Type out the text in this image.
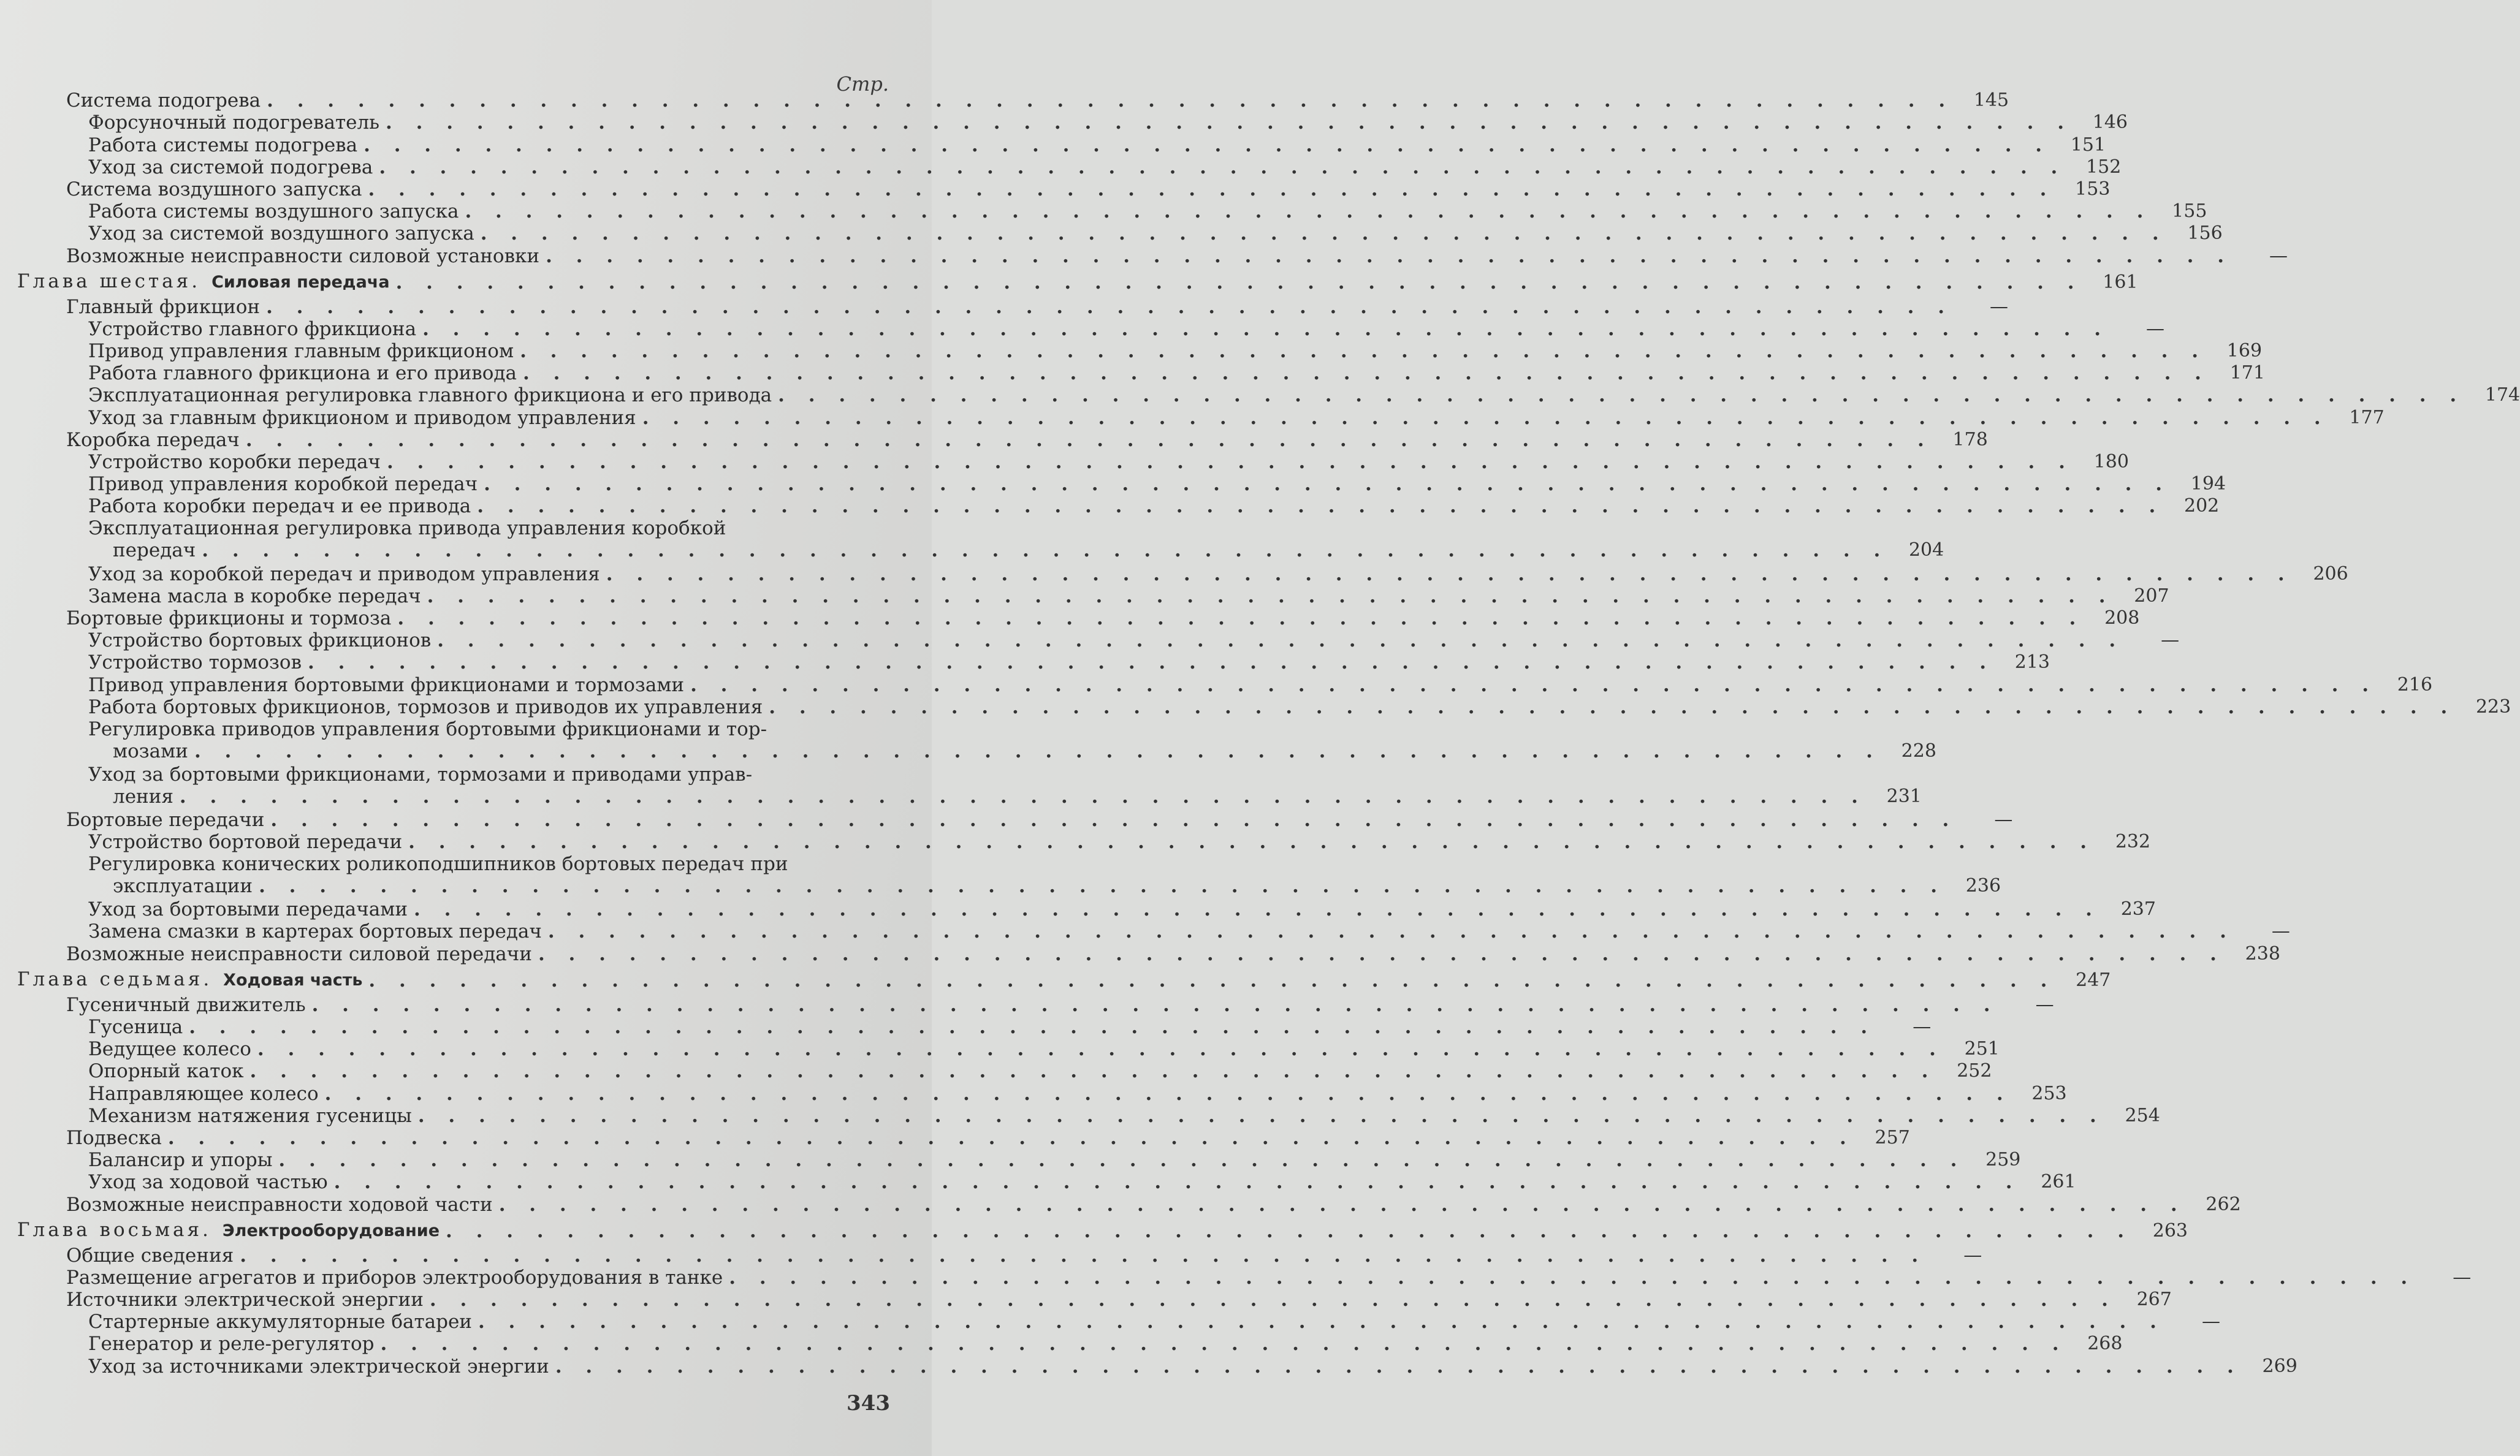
Стр.
Система подогрева . . . . . . . . . . . . . . . . . . . . . . . . . . . . . . . . . . . . . . . . . . . . . . . . . . . . . . . .	145
Форсуночный подогреватель . . . . . . . . . . . . . . . . . . . . . . . . . . . . . . . . . . . . . . . . . . . . . . . . . . . . . . . .	146
Работа системы подогрева . . . . . . . . . . . . . . . . . . . . . . . . . . . . . . . . . . . . . . . . . . . . . . . . . . . . . . . .	151
Уход за системой подогрева . . . . . . . . . . . . . . . . . . . . . . . . . . . . . . . . . . . . . . . . . . . . . . . . . . . . . . . .	152
Система воздушного запуска . . . . . . . . . . . . . . . . . . . . . . . . . . . . . . . . . . . . . . . . . . . . . . . . . . . . . . . .	153
Работа системы воздушного запуска . . . . . . . . . . . . . . . . . . . . . . . . . . . . . . . . . . . . . . . . . . . . . . . . . . . . . . . .	155
Уход за системой воздушного запуска . . . . . . . . . . . . . . . . . . . . . . . . . . . . . . . . . . . . . . . . . . . . . . . . . . . . . . . .	156
Возможные неисправности силовой установки . . . . . . . . . . . . . . . . . . . . . . . . . . . . . . . . . . . . . . . . . . . . . . . . . . . . . . . .	—
Глава шестая. Силовая передача . . . . . . . . . . . . . . . . . . . . . . . . . . . . . . . . . . . . . . . . . . . . . . . . . . . . . . . .	161
Главный фрикцион . . . . . . . . . . . . . . . . . . . . . . . . . . . . . . . . . . . . . . . . . . . . . . . . . . . . . . . .	—
Устройство главного фрикциона . . . . . . . . . . . . . . . . . . . . . . . . . . . . . . . . . . . . . . . . . . . . . . . . . . . . . . . .	—
Привод управления главным фрикционом . . . . . . . . . . . . . . . . . . . . . . . . . . . . . . . . . . . . . . . . . . . . . . . . . . . . . . . .	169
Работа главного фрикциона и его привода . . . . . . . . . . . . . . . . . . . . . . . . . . . . . . . . . . . . . . . . . . . . . . . . . . . . . . . .	171
Эксплуатационная регулировка главного фрикциона и его привода . . . . . . . . . . . . . . . . . . . . . . . . . . . . . . . . . . . . . . . . . . . . . . . . . . . . . . . .	174
Уход за главным фрикционом и приводом управления . . . . . . . . . . . . . . . . . . . . . . . . . . . . . . . . . . . . . . . . . . . . . . . . . . . . . . . .	177
Коробка передач . . . . . . . . . . . . . . . . . . . . . . . . . . . . . . . . . . . . . . . . . . . . . . . . . . . . . . . .	178
Устройство коробки передач . . . . . . . . . . . . . . . . . . . . . . . . . . . . . . . . . . . . . . . . . . . . . . . . . . . . . . . .	180
Привод управления коробкой передач . . . . . . . . . . . . . . . . . . . . . . . . . . . . . . . . . . . . . . . . . . . . . . . . . . . . . . . .	194
Работа коробки передач и ее привода . . . . . . . . . . . . . . . . . . . . . . . . . . . . . . . . . . . . . . . . . . . . . . . . . . . . . . . .	202
Эксплуатационная регулировка привода управления коробкой
передач . . . . . . . . . . . . . . . . . . . . . . . . . . . . . . . . . . . . . . . . . . . . . . . . . . . . . . . .	204
Уход за коробкой передач и приводом управления . . . . . . . . . . . . . . . . . . . . . . . . . . . . . . . . . . . . . . . . . . . . . . . . . . . . . . . .	206
Замена масла в коробке передач . . . . . . . . . . . . . . . . . . . . . . . . . . . . . . . . . . . . . . . . . . . . . . . . . . . . . . . .	207
Бортовые фрикционы и тормоза . . . . . . . . . . . . . . . . . . . . . . . . . . . . . . . . . . . . . . . . . . . . . . . . . . . . . . . .	208
Устройство бортовых фрикционов . . . . . . . . . . . . . . . . . . . . . . . . . . . . . . . . . . . . . . . . . . . . . . . . . . . . . . . .	—
Устройство тормозов . . . . . . . . . . . . . . . . . . . . . . . . . . . . . . . . . . . . . . . . . . . . . . . . . . . . . . . .	213
Привод управления бортовыми фрикционами и тормозами . . . . . . . . . . . . . . . . . . . . . . . . . . . . . . . . . . . . . . . . . . . . . . . . . . . . . . . .	216
Работа бортовых фрикционов, тормозов и приводов их управления . . . . . . . . . . . . . . . . . . . . . . . . . . . . . . . . . . . . . . . . . . . . . . . . . . . . . . . .	223
Регулировка приводов управления бортовыми фрикционами и тор-
мозами . . . . . . . . . . . . . . . . . . . . . . . . . . . . . . . . . . . . . . . . . . . . . . . . . . . . . . . .	228
Уход за бортовыми фрикционами, тормозами и приводами управ-
ления . . . . . . . . . . . . . . . . . . . . . . . . . . . . . . . . . . . . . . . . . . . . . . . . . . . . . . . .	231
Бортовые передачи . . . . . . . . . . . . . . . . . . . . . . . . . . . . . . . . . . . . . . . . . . . . . . . . . . . . . . . .	—
Устройство бортовой передачи . . . . . . . . . . . . . . . . . . . . . . . . . . . . . . . . . . . . . . . . . . . . . . . . . . . . . . . .	232
Регулировка конических роликоподшипников бортовых передач при
эксплуатации . . . . . . . . . . . . . . . . . . . . . . . . . . . . . . . . . . . . . . . . . . . . . . . . . . . . . . . .	236
Уход за бортовыми передачами . . . . . . . . . . . . . . . . . . . . . . . . . . . . . . . . . . . . . . . . . . . . . . . . . . . . . . . .	237
Замена смазки в картерах бортовых передач . . . . . . . . . . . . . . . . . . . . . . . . . . . . . . . . . . . . . . . . . . . . . . . . . . . . . . . .	—
Возможные неисправности силовой передачи . . . . . . . . . . . . . . . . . . . . . . . . . . . . . . . . . . . . . . . . . . . . . . . . . . . . . . . .	238
Глава седьмая. Ходовая часть . . . . . . . . . . . . . . . . . . . . . . . . . . . . . . . . . . . . . . . . . . . . . . . . . . . . . . . .	247
Гусеничный движитель . . . . . . . . . . . . . . . . . . . . . . . . . . . . . . . . . . . . . . . . . . . . . . . . . . . . . . . .	—
Гусеница . . . . . . . . . . . . . . . . . . . . . . . . . . . . . . . . . . . . . . . . . . . . . . . . . . . . . . . .	—
Ведущее колесо . . . . . . . . . . . . . . . . . . . . . . . . . . . . . . . . . . . . . . . . . . . . . . . . . . . . . . . .	251
Опорный каток . . . . . . . . . . . . . . . . . . . . . . . . . . . . . . . . . . . . . . . . . . . . . . . . . . . . . . . .	252
Направляющее колесо . . . . . . . . . . . . . . . . . . . . . . . . . . . . . . . . . . . . . . . . . . . . . . . . . . . . . . . .	253
Механизм натяжения гусеницы . . . . . . . . . . . . . . . . . . . . . . . . . . . . . . . . . . . . . . . . . . . . . . . . . . . . . . . .	254
Подвеска . . . . . . . . . . . . . . . . . . . . . . . . . . . . . . . . . . . . . . . . . . . . . . . . . . . . . . . .	257
Балансир и упоры . . . . . . . . . . . . . . . . . . . . . . . . . . . . . . . . . . . . . . . . . . . . . . . . . . . . . . . .	259
Уход за ходовой частью . . . . . . . . . . . . . . . . . . . . . . . . . . . . . . . . . . . . . . . . . . . . . . . . . . . . . . . .	261
Возможные неисправности ходовой части . . . . . . . . . . . . . . . . . . . . . . . . . . . . . . . . . . . . . . . . . . . . . . . . . . . . . . . .	262
Глава восьмая. Электрооборудование . . . . . . . . . . . . . . . . . . . . . . . . . . . . . . . . . . . . . . . . . . . . . . . . . . . . . . . .	263
Общие сведения . . . . . . . . . . . . . . . . . . . . . . . . . . . . . . . . . . . . . . . . . . . . . . . . . . . . . . . .	—
Размещение агрегатов и приборов электрооборудования в танке . . . . . . . . . . . . . . . . . . . . . . . . . . . . . . . . . . . . . . . . . . . . . . . . . . . . . . . .	—
Источники электрической энергии . . . . . . . . . . . . . . . . . . . . . . . . . . . . . . . . . . . . . . . . . . . . . . . . . . . . . . . .	267
Стартерные аккумуляторные батареи . . . . . . . . . . . . . . . . . . . . . . . . . . . . . . . . . . . . . . . . . . . . . . . . . . . . . . . .	—
Генератор и реле-регулятор . . . . . . . . . . . . . . . . . . . . . . . . . . . . . . . . . . . . . . . . . . . . . . . . . . . . . . . .	268
Уход за источниками электрической энергии . . . . . . . . . . . . . . . . . . . . . . . . . . . . . . . . . . . . . . . . . . . . . . . . . . . . . . . .	269
343
